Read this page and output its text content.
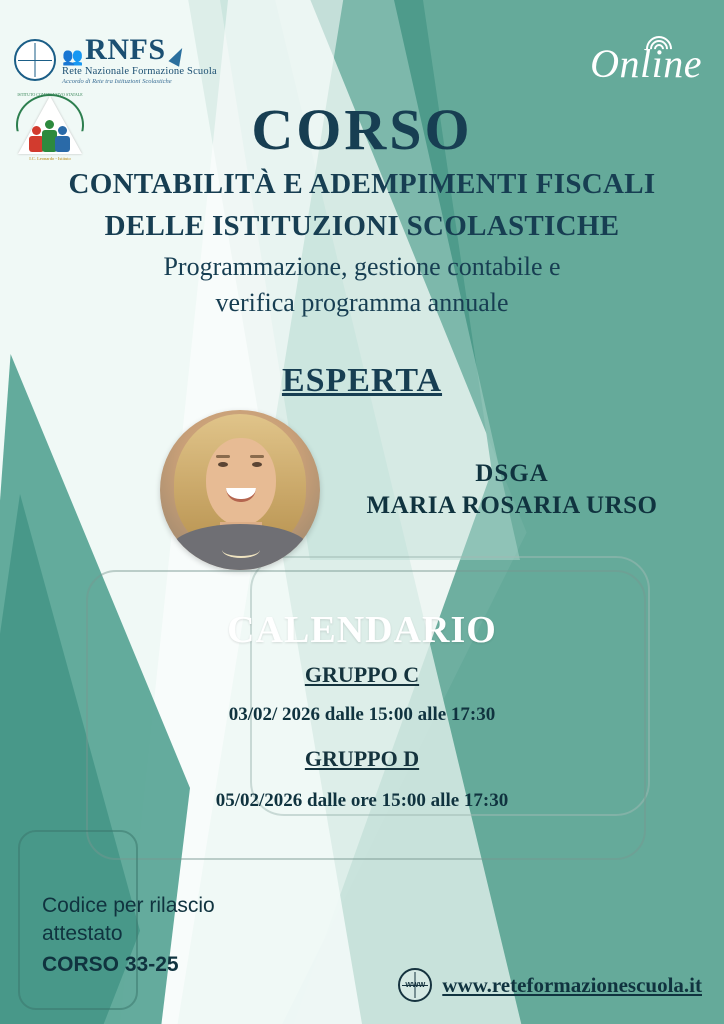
👥 RNFS
Rete Nazionale Formazione Scuola
Accordo di Rete tra Istituzioni Scolastiche
ISTITUTO COMPRENSIVO STATALE
I.C. Leonardo - Istituto
Online
CORSO
CONTABILITÀ E ADEMPIMENTI FISCALI
DELLE ISTITUZIONI SCOLASTICHE
Programmazione, gestione contabile e
verifica programma annuale
ESPERTA
DSGA
MARIA ROSARIA URSO
CALENDARIO
GRUPPO C
03/02/ 2026 dalle 15:00 alle 17:30
GRUPPO D
05/02/2026 dalle ore 15:00 alle 17:30
Codice per rilascio
attestato
CORSO 33-25
WWW www.reteformazionescuola.it
